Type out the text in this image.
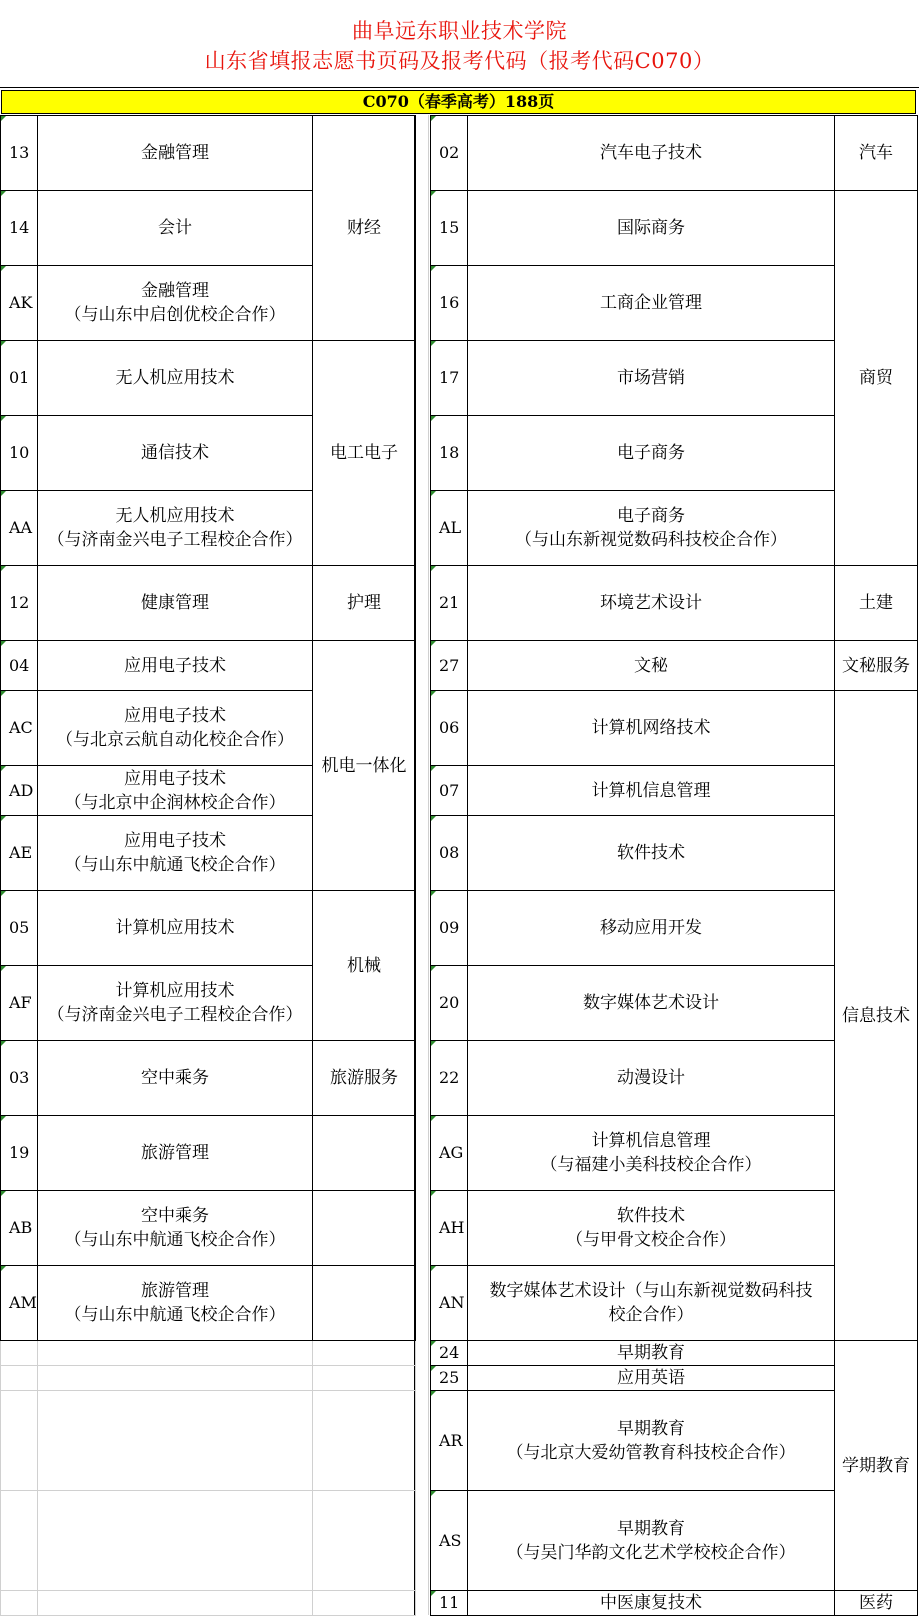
曲阜远东职业技术学院
山东省填报志愿书页码及报考代码（报考代码C070）
C070（春季高考）188页
13	金融管理	财经
14	会计	
AK	金融管理
（与山东中启创优校企合作）	

01	无人机应用技术	电工电子
10	通信技术	
AA	无人机应用技术
（与济南金兴电子工程校企合作）	

12	健康管理	护理
04	应用电子技术	机电一体化
AC	应用电子技术
（与北京云航自动化校企合作）	

AD	应用电子技术
（与北京中企润林校企合作）	

AE	应用电子技术
（与山东中航通飞校企合作）	

05	计算机应用技术	机械
AF	计算机应用技术
（与济南金兴电子工程校企合作）	

03	空中乘务	旅游服务
19	旅游管理	
AB	空中乘务
（与山东中航通飞校企合作）	

AM	旅游管理
（与山东中航通飞校企合作）	

02	汽车电子技术	汽车
15	国际商务	商贸
16	工商企业管理	
17	市场营销	
18	电子商务	
AL	电子商务
（与山东新视觉数码科技校企合作）	

21	环境艺术设计	土建
27	文秘	文秘服务
06	计算机网络技术	信息技术
07	计算机信息管理	
08	软件技术	
09	移动应用开发	
20	数字媒体艺术设计	
22	动漫设计	
AG	计算机信息管理
（与福建小美科技校企合作）	

AH	软件技术
（与甲骨文校企合作）	

AN	数字媒体艺术设计（与山东新视觉数码科技
校企合作）	

24	早期教育	学期教育
25	应用英语	
AR	早期教育
（与北京大爱幼管教育科技校企合作）	

AS	早期教育
（与吴门华韵文化艺术学校校企合作）	

11	中医康复技术	医药
